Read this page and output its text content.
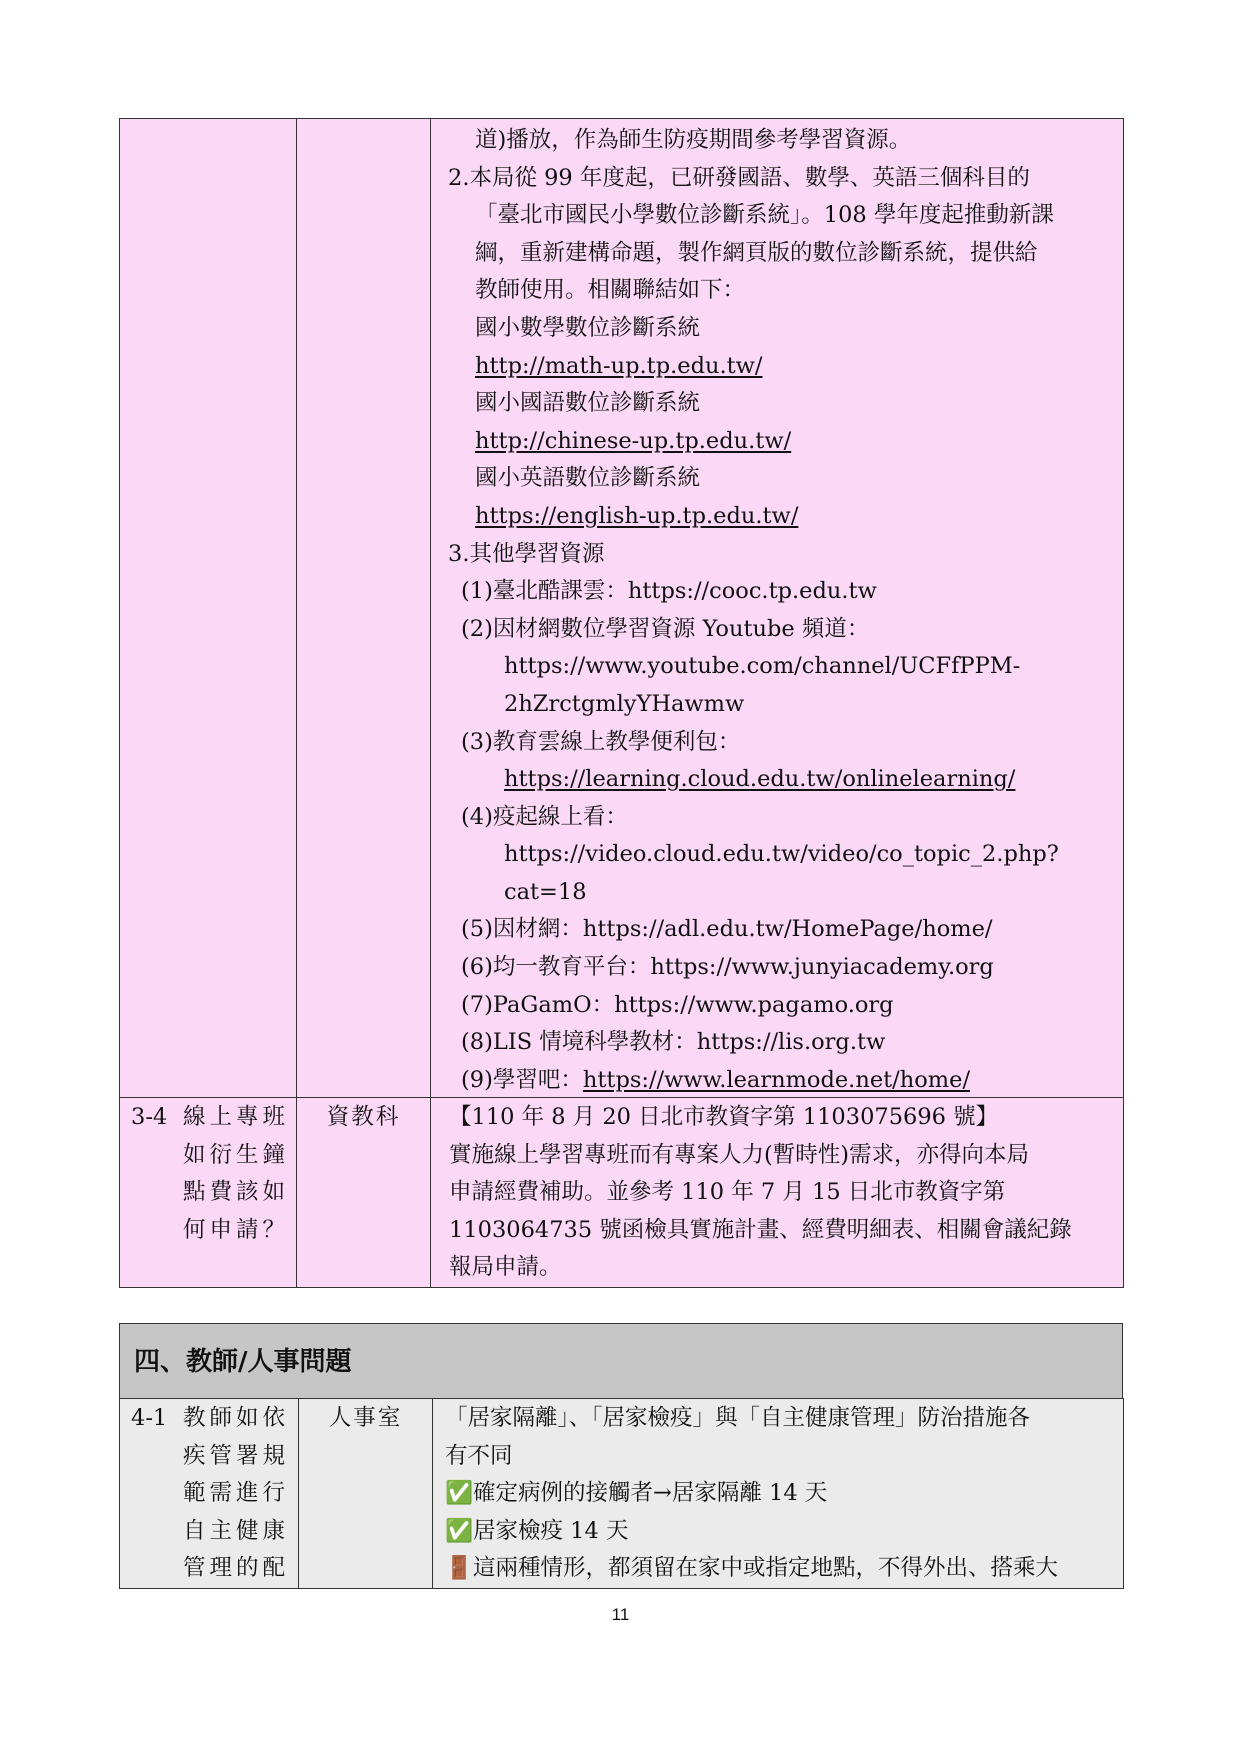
道)播放，作為師生防疫期間參考學習資源。
2.本局從 99 年度起，已研發國語、數學、英語三個科目的
「臺北市國民小學數位診斷系統」。108 學年度起推動新課
綱，重新建構命題，製作網頁版的數位診斷系統，提供給
教師使用。相關聯結如下：
國小數學數位診斷系統
http://math-up.tp.edu.tw/
國小國語數位診斷系統
http://chinese-up.tp.edu.tw/
國小英語數位診斷系統
https://english-up.tp.edu.tw/
3.其他學習資源
(1)臺北酷課雲：https://cooc.tp.edu.tw
(2)因材網數位學習資源 Youtube 頻道：
https://www.youtube.com/channel/UCFfPPM-
2hZrctgmlyYHawmw
(3)教育雲線上教學便利包：
https://learning.cloud.edu.tw/onlinelearning/
(4)疫起線上看：
https://video.cloud.edu.tw/video/co_topic_2.php?
cat=18
(5)因材網：https://adl.edu.tw/HomePage/home/
(6)均一教育平台：https://www.junyiacademy.org
(7)PaGamO：https://www.pagamo.org
(8)LIS 情境科學教材：https://lis.org.tw
(9)學習吧：https://www.learnmode.net/home/
3-4 線上專班
如衍生鐘
點費該如
何申請？

資教科	【110 年 8 月 20 日北市教資字第 1103075696 號】
實施線上學習專班而有專案人力(暫時性)需求，亦得向本局
申請經費補助。並參考 110 年 7 月 15 日北市教資字第
1103064735 號函檢具實施計畫、經費明細表、相關會議紀錄
報局申請。
四、教師/人事問題
4-1 教師如依
疾管署規
範需進行
自主健康
管理的配

人事室	「居家隔離」、「居家檢疫」與「自主健康管理」防治措施各
有不同
✅確定病例的接觸者→居家隔離 14 天
✅居家檢疫 14 天
🚪這兩種情形，都須留在家中或指定地點，不得外出、搭乘大
11
